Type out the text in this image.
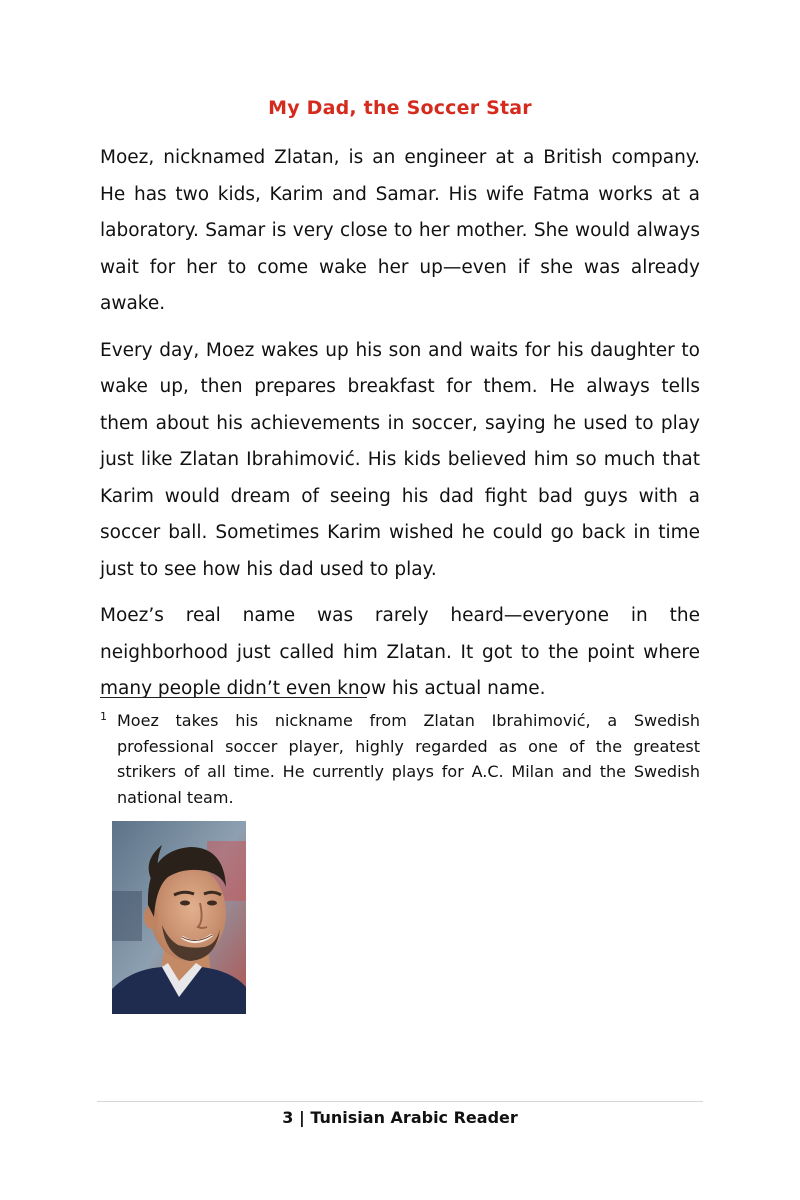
My Dad, the Soccer Star

Moez, nicknamed Zlatan, is an engineer at a British company. He has two kids, Karim and Samar. His wife Fatma works at a laboratory. Samar is very close to her mother. She would always wait for her to come wake her up—even if she was already awake.

Every day, Moez wakes up his son and waits for his daughter to wake up, then prepares breakfast for them. He always tells them about his achievements in soccer, saying he used to play just like Zlatan Ibrahimović. His kids believed him so much that Karim would dream of seeing his dad fight bad guys with a soccer ball. Sometimes Karim wished he could go back in time just to see how his dad used to play.

Moez’s real name was rarely heard—everyone in the neighborhood just called him Zlatan. It got to the point where many people didn’t even know his actual name.

1 Moez takes his nickname from Zlatan Ibrahimović, a Swedish professional soccer player, highly regarded as one of the greatest strikers of all time. He currently plays for A.C. Milan and the Swedish national team.
3 | Tunisian Arabic Reader
